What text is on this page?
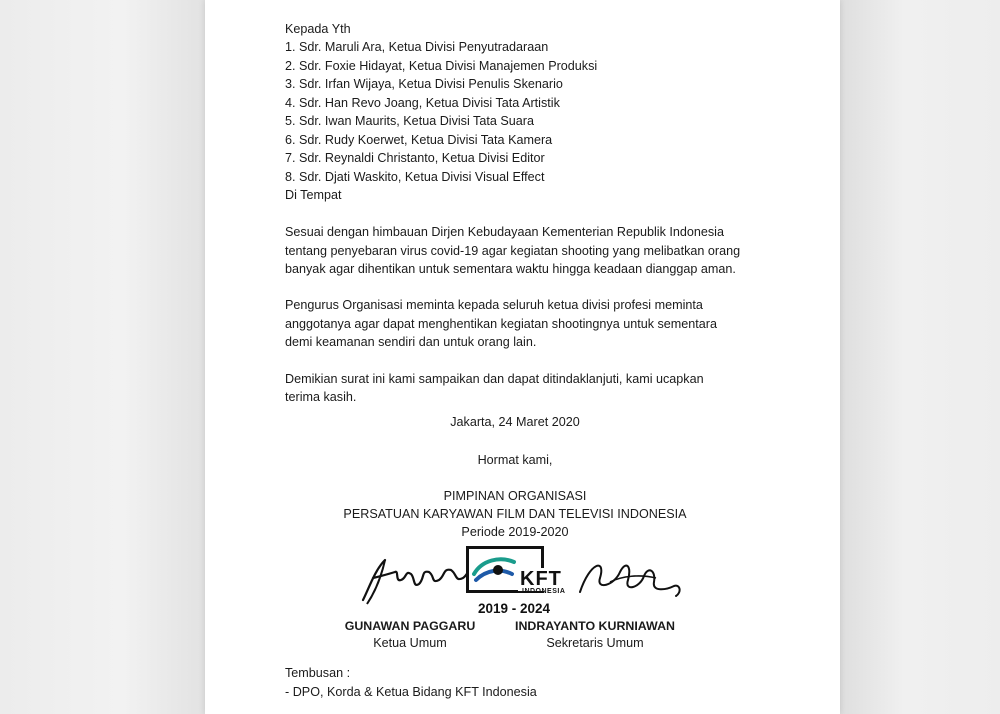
Kepada Yth
1. Sdr. Maruli Ara, Ketua Divisi Penyutradaraan
2. Sdr. Foxie Hidayat, Ketua Divisi Manajemen Produksi
3. Sdr. Irfan Wijaya, Ketua Divisi Penulis Skenario
4. Sdr. Han Revo Joang, Ketua Divisi Tata Artistik
5. Sdr. Iwan Maurits, Ketua Divisi Tata Suara
6. Sdr. Rudy Koerwet, Ketua Divisi Tata Kamera
7. Sdr. Reynaldi Christanto, Ketua Divisi Editor
8. Sdr. Djati Waskito, Ketua Divisi Visual Effect
Di Tempat
Sesuai dengan himbauan Dirjen Kebudayaan Kementerian Republik Indonesia
tentang penyebaran virus covid-19 agar kegiatan shooting yang melibatkan orang
banyak agar dihentikan untuk sementara waktu hingga keadaan dianggap aman.
Pengurus Organisasi meminta kepada seluruh ketua divisi profesi meminta
anggotanya agar dapat menghentikan kegiatan shootingnya untuk sementara
demi keamanan sendiri dan untuk orang lain.
Demikian surat ini kami sampaikan dan dapat ditindaklanjuti, kami ucapkan
terima kasih.
Jakarta, 24 Maret 2020
Hormat kami,
PIMPINAN ORGANISASI
PERSATUAN KARYAWAN FILM DAN TELEVISI INDONESIA
Periode 2019-2020
KFT
INDONESIA
2019 - 2024
GUNAWAN PAGGARU
Ketua Umum
INDRAYANTO KURNIAWAN
Sekretaris Umum
Tembusan :
- DPO, Korda & Ketua Bidang KFT Indonesia
